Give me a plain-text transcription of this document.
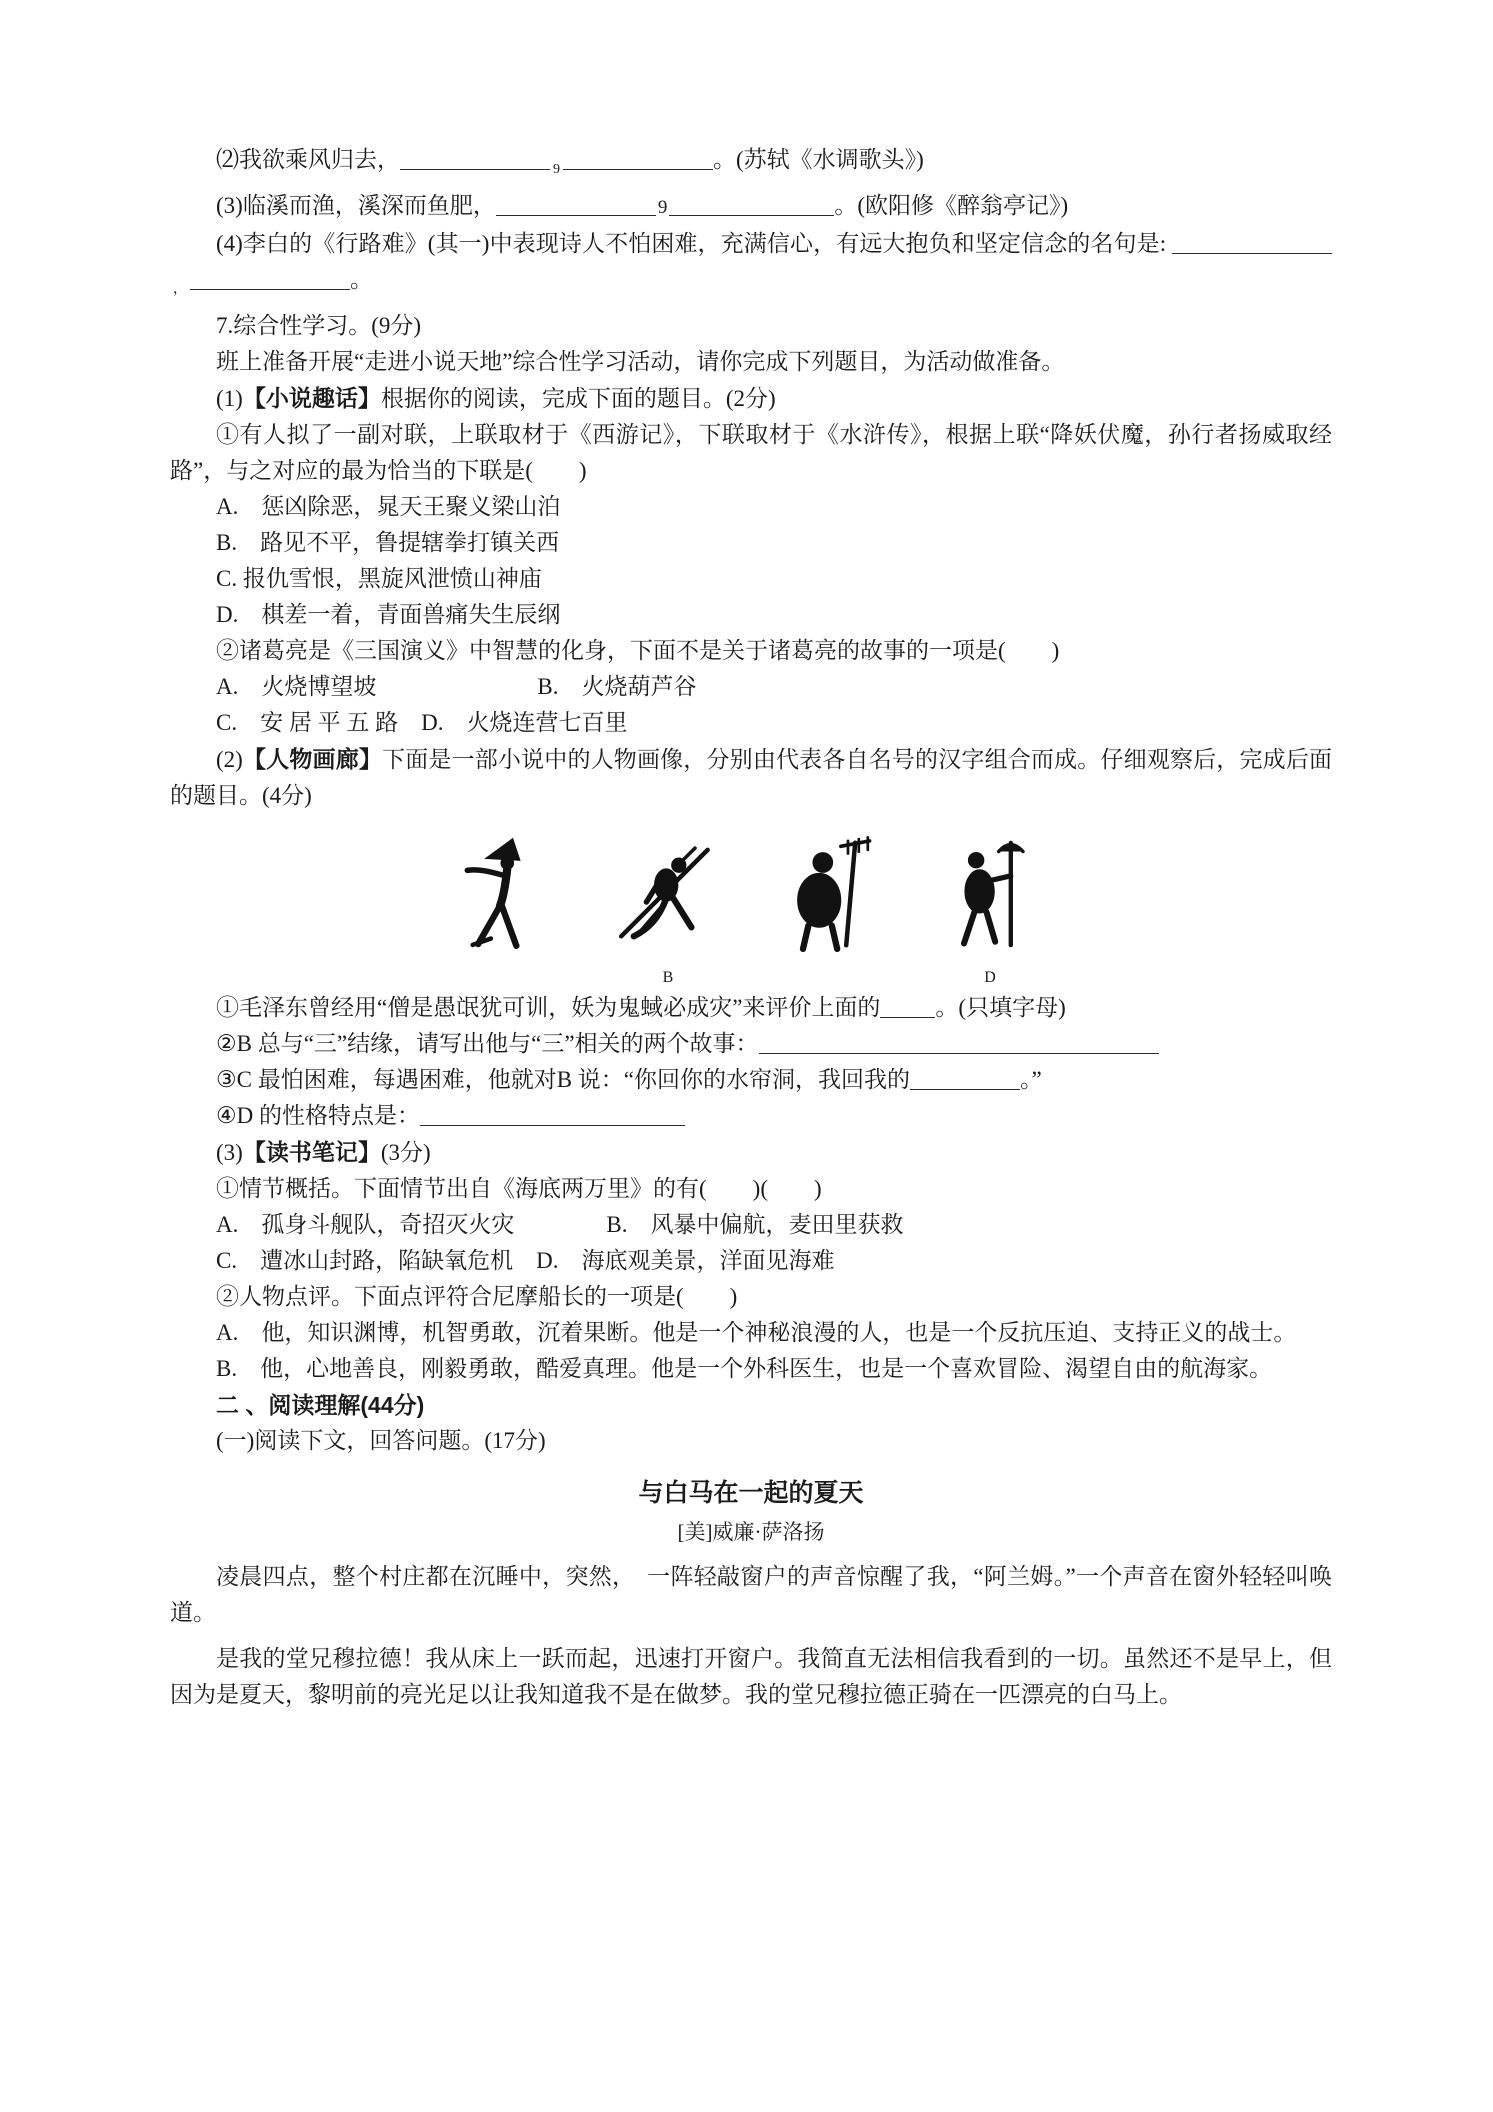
⑵我欲乘风归去，	$_9$	。(苏轼《水调歌头》)

(3)临溪而渔，溪深而鱼肥，	9	。(欧阳修《醉翁亭记》)

(4)李白的《行路难》(其一)中表现诗人不怕困难，充满信心，有远大抱负和坚定信念的名句是: $_,$	。

7.综合性学习。(9分)

班上准备开展“走进小说天地”综合性学习活动，请你完成下列题目，为活动做准备。

(1)【小说趣话】根据你的阅读，完成下面的题目。(2分)

①有人拟了一副对联，上联取材于《西游记》，下联取材于《水浒传》，根据上联“降妖伏魔，孙行者扬威取经路”，与之对应的最为恰当的下联是(　　)

A.　惩凶除恶，晁天王聚义梁山泊

B.　路见不平，鲁提辖拳打镇关西

C. 报仇雪恨，黑旋风泄愤山神庙

D.　棋差一着，青面兽痛失生辰纲

②诸葛亮是《三国演义》中智慧的化身，下面不是关于诸葛亮的故事的一项是(　　)

A.　火烧博望坡　　　　　　　B.　火烧葫芦谷

C.　安 居 平 五 路　D.　火烧连营七百里

(2)【人物画廊】下面是一部小说中的人物画像，分别由代表各自名号的汉字组合而成。仔细观察后，完成后面的题目。(4分)

B	D

①毛泽东曾经用“僧是愚氓犹可训，妖为鬼蜮必成灾”来评价上面的 。(只填字母)

②B 总与“三”结缘，请写出他与“三”相关的两个故事：

③C 最怕困难，每遇困难，他就对B 说：“你回你的水帘洞，我回我的	。”

④D 的性格特点是：

(3)【读书笔记】(3分)

①情节概括。下面情节出自《海底两万里》的有(　　)(　　)

A.　孤身斗舰队，奇招灭火灾　　　　B.　风暴中偏航，麦田里获救

C.　遭冰山封路，陷缺氧危机　D.　海底观美景，洋面见海难

②人物点评。下面点评符合尼摩船长的一项是(　　)

A.　他，知识渊博，机智勇敢，沉着果断。他是一个神秘浪漫的人，也是一个反抗压迫、支持正义的战士。

B.　他，心地善良，刚毅勇敢，酷爱真理。他是一个外科医生，也是一个喜欢冒险、渴望自由的航海家。

二 、阅读理解(44分)

(一)阅读下文，回答问题。(17分)

与白马在一起的夏天

[美]威廉·萨洛扬

凌晨四点，整个村庄都在沉睡中，突然，　一阵轻敲窗户的声音惊醒了我，“阿兰姆。”一个声音在窗外轻轻叫唤道。

是我的堂兄穆拉德！我从床上一跃而起，迅速打开窗户。我简直无法相信我看到的一切。虽然还不是早上，但因为是夏天，黎明前的亮光足以让我知道我不是在做梦。我的堂兄穆拉德正骑在一匹漂亮的白马上。
